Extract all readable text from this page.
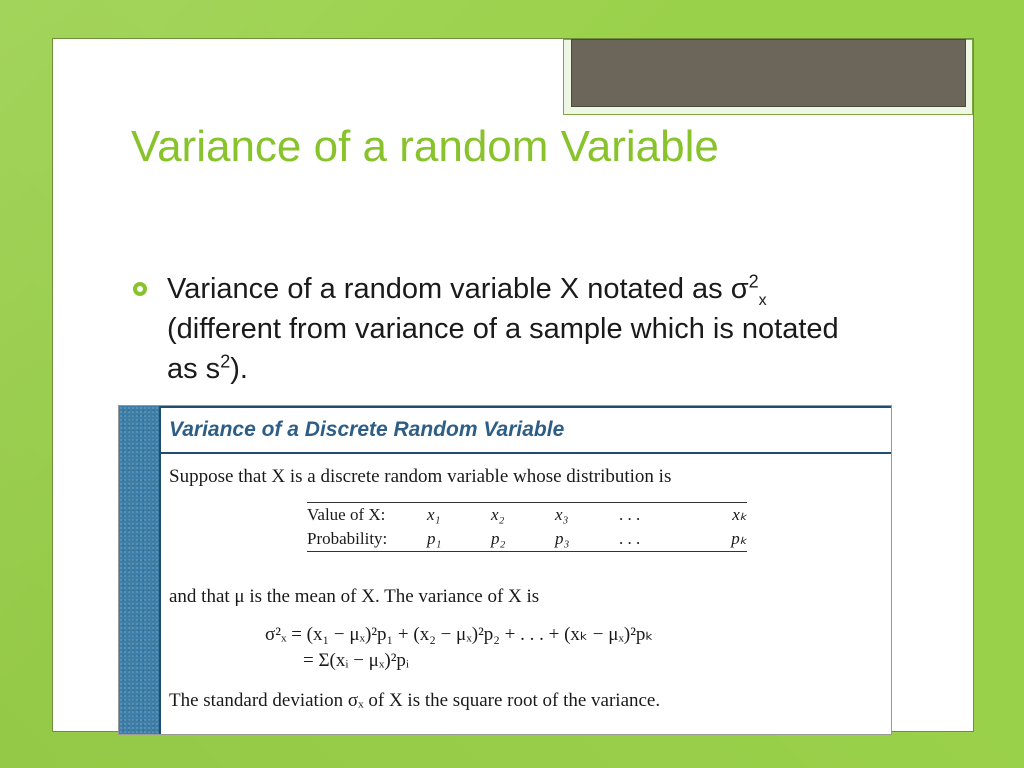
Variance of a random Variable
Variance of a random variable X notated as $\sigma^2_x$ (different from variance of a sample which is notated as $s^2$).
Variance of a Discrete Random Variable
Suppose that X is a discrete random variable whose distribution is
Value of X:	x₁	x₂	x₃	. . .	xₖ
Probability:	p₁	p₂	p₃	. . .	pₖ
and that μ is the mean of X. The variance of X is
σ²ₓ = (x₁ − μₓ)²p₁ + (x₂ − μₓ)²p₂ + . . . + (xₖ − μₓ)²pₖ
= Σ(xᵢ − μₓ)²pᵢ
The standard deviation σₓ of X is the square root of the variance.
